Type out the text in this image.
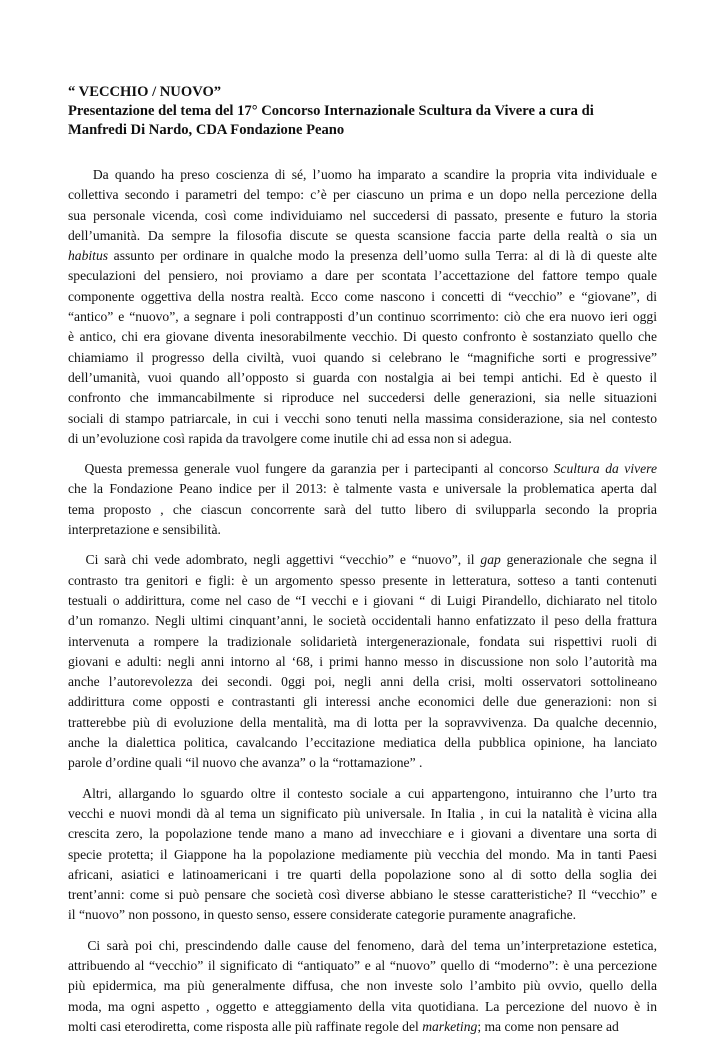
“ VECCHIO / NUOVO”
Presentazione del tema del 17° Concorso Internazionale Scultura da Vivere a cura di
Manfredi Di Nardo, CDA Fondazione Peano
Da quando ha preso coscienza di sé, l’uomo ha imparato a scandire la propria vita individuale e
collettiva secondo i parametri del tempo: c’è per ciascuno un prima e un dopo nella percezione della
sua personale vicenda, così come individuiamo nel succedersi di passato, presente e futuro la storia
dell’umanità. Da sempre la filosofia discute se questa scansione faccia parte della realtà o sia un
habitus assunto per ordinare in qualche modo la presenza dell’uomo sulla Terra: al di là di queste alte
speculazioni del pensiero, noi proviamo a dare per scontata l’accettazione del fattore tempo quale
componente oggettiva della nostra realtà. Ecco come nascono i concetti di “vecchio” e “giovane”, di
“antico” e “nuovo”, a segnare i poli contrapposti d’un continuo scorrimento: ciò che era nuovo ieri oggi
è antico, chi era giovane diventa inesorabilmente vecchio. Di questo confronto è sostanziato quello che
chiamiamo il progresso della civiltà, vuoi quando si celebrano le “magnifiche sorti e progressive”
dell’umanità, vuoi quando all’opposto si guarda con nostalgia ai bei tempi antichi. Ed è questo il
confronto che immancabilmente si riproduce nel succedersi delle generazioni, sia nelle situazioni
sociali di stampo patriarcale, in cui i vecchi sono tenuti nella massima considerazione, sia nel contesto
di un’evoluzione così rapida da travolgere come inutile chi ad essa non si adegua.
Questa premessa generale vuol fungere da garanzia per i partecipanti al concorso Scultura da vivere
che la Fondazione Peano indice per il 2013: è talmente vasta e universale la problematica aperta dal
tema proposto , che ciascun concorrente sarà del tutto libero di svilupparla secondo la propria
interpretazione e sensibilità.
Ci sarà chi vede adombrato, negli aggettivi “vecchio” e “nuovo”, il gap generazionale che segna il
contrasto tra genitori e figli: è un argomento spesso presente in letteratura, sotteso a tanti contenuti
testuali o addirittura, come nel caso de “I vecchi e i giovani “ di Luigi Pirandello, dichiarato nel titolo
d’un romanzo. Negli ultimi cinquant’anni, le società occidentali hanno enfatizzato il peso della frattura
intervenuta a rompere la tradizionale solidarietà intergenerazionale, fondata sui rispettivi ruoli di
giovani e adulti: negli anni intorno al ‘68, i primi hanno messo in discussione non solo l’autorità ma
anche l’autorevolezza dei secondi. 0ggi poi, negli anni della crisi, molti osservatori sottolineano
addirittura come opposti e contrastanti gli interessi anche economici delle due generazioni: non si
tratterebbe più di evoluzione della mentalità, ma di lotta per la sopravvivenza. Da qualche decennio,
anche la dialettica politica, cavalcando l’eccitazione mediatica della pubblica opinione, ha lanciato
parole d’ordine quali “il nuovo che avanza” o la “rottamazione” .
Altri, allargando lo sguardo oltre il contesto sociale a cui appartengono, intuiranno che l’urto tra
vecchi e nuovi mondi dà al tema un significato più universale. In Italia , in cui la natalità è vicina alla
crescita zero, la popolazione tende mano a mano ad invecchiare e i giovani a diventare una sorta di
specie protetta; il Giappone ha la popolazione mediamente più vecchia del mondo. Ma in tanti Paesi
africani, asiatici e latinoamericani i tre quarti della popolazione sono al di sotto della soglia dei
trent’anni: come si può pensare che società così diverse abbiano le stesse caratteristiche? Il “vecchio” e
il “nuovo” non possono, in questo senso, essere considerate categorie puramente anagrafiche.
Ci sarà poi chi, prescindendo dalle cause del fenomeno, darà del tema un’interpretazione estetica,
attribuendo al “vecchio” il significato di “antiquato” e al “nuovo” quello di “moderno”: è una percezione
più epidermica, ma più generalmente diffusa, che non investe solo l’ambito più ovvio, quello della
moda, ma ogni aspetto , oggetto e atteggiamento della vita quotidiana. La percezione del nuovo è in
molti casi eterodiretta, come risposta alle più raffinate regole del marketing; ma come non pensare ad
